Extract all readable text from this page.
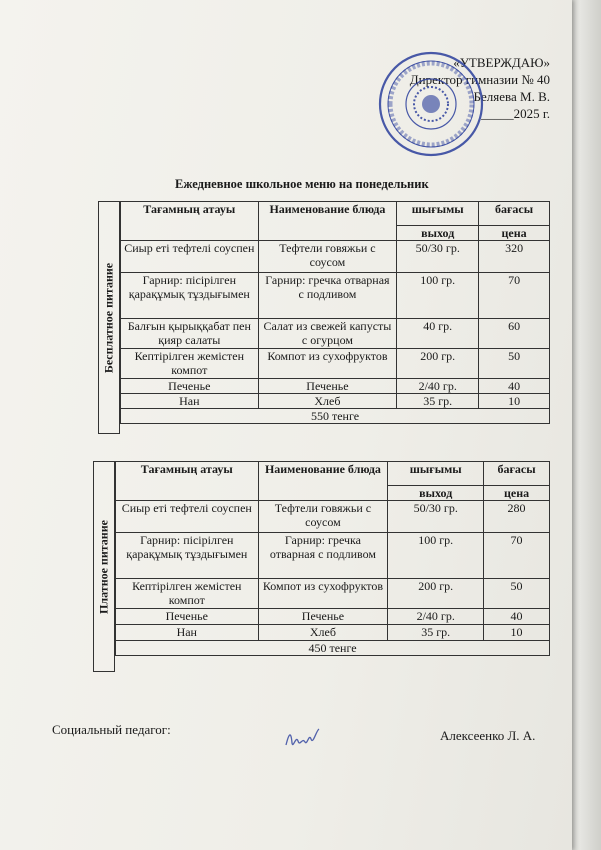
«УТВЕРЖДАЮ»
Директор гимназии № 40
Беляева М. В.
_____2025 г.
Ежедневное школьное меню на понедельник
Бесплатное питание
Тағамның атауы	Наименование блюда	шығымы	бағасы
		выход	цена
Сиыр еті тефтелі соуспен	Тефтели говяжьи с соусом	50/30 гр.	320
Гарнир: пісірілген қарақұмық тұздығымен	Гарнир: гречка отварная с подливом	100 гр.	70
Балғын қырыққабат пен қияр салаты	Салат из свежей капусты с огурцом	40 гр.	60
Кептірілген жемістен компот	Компот из сухофруктов	200 гр.	50
Печенье	Печенье	2/40 гр.	40
Нан	Хлеб	35 гр.	10
550 тенге			
Платное питание
Тағамның атауы	Наименование блюда	шығымы	бағасы
		выход	цена
Сиыр еті тефтелі соуспен	Тефтели говяжьи с соусом	50/30 гр.	280
Гарнир: пісірілген қарақұмық тұздығымен	Гарнир: гречка отварная с подливом	100 гр.	70
Кептірілген жемістен компот	Компот из сухофруктов	200 гр.	50
Печенье	Печенье	2/40 гр.	40
Нан	Хлеб	35 гр.	10
450 тенге			
Социальный педагог:	Алексеенко Л. А.
